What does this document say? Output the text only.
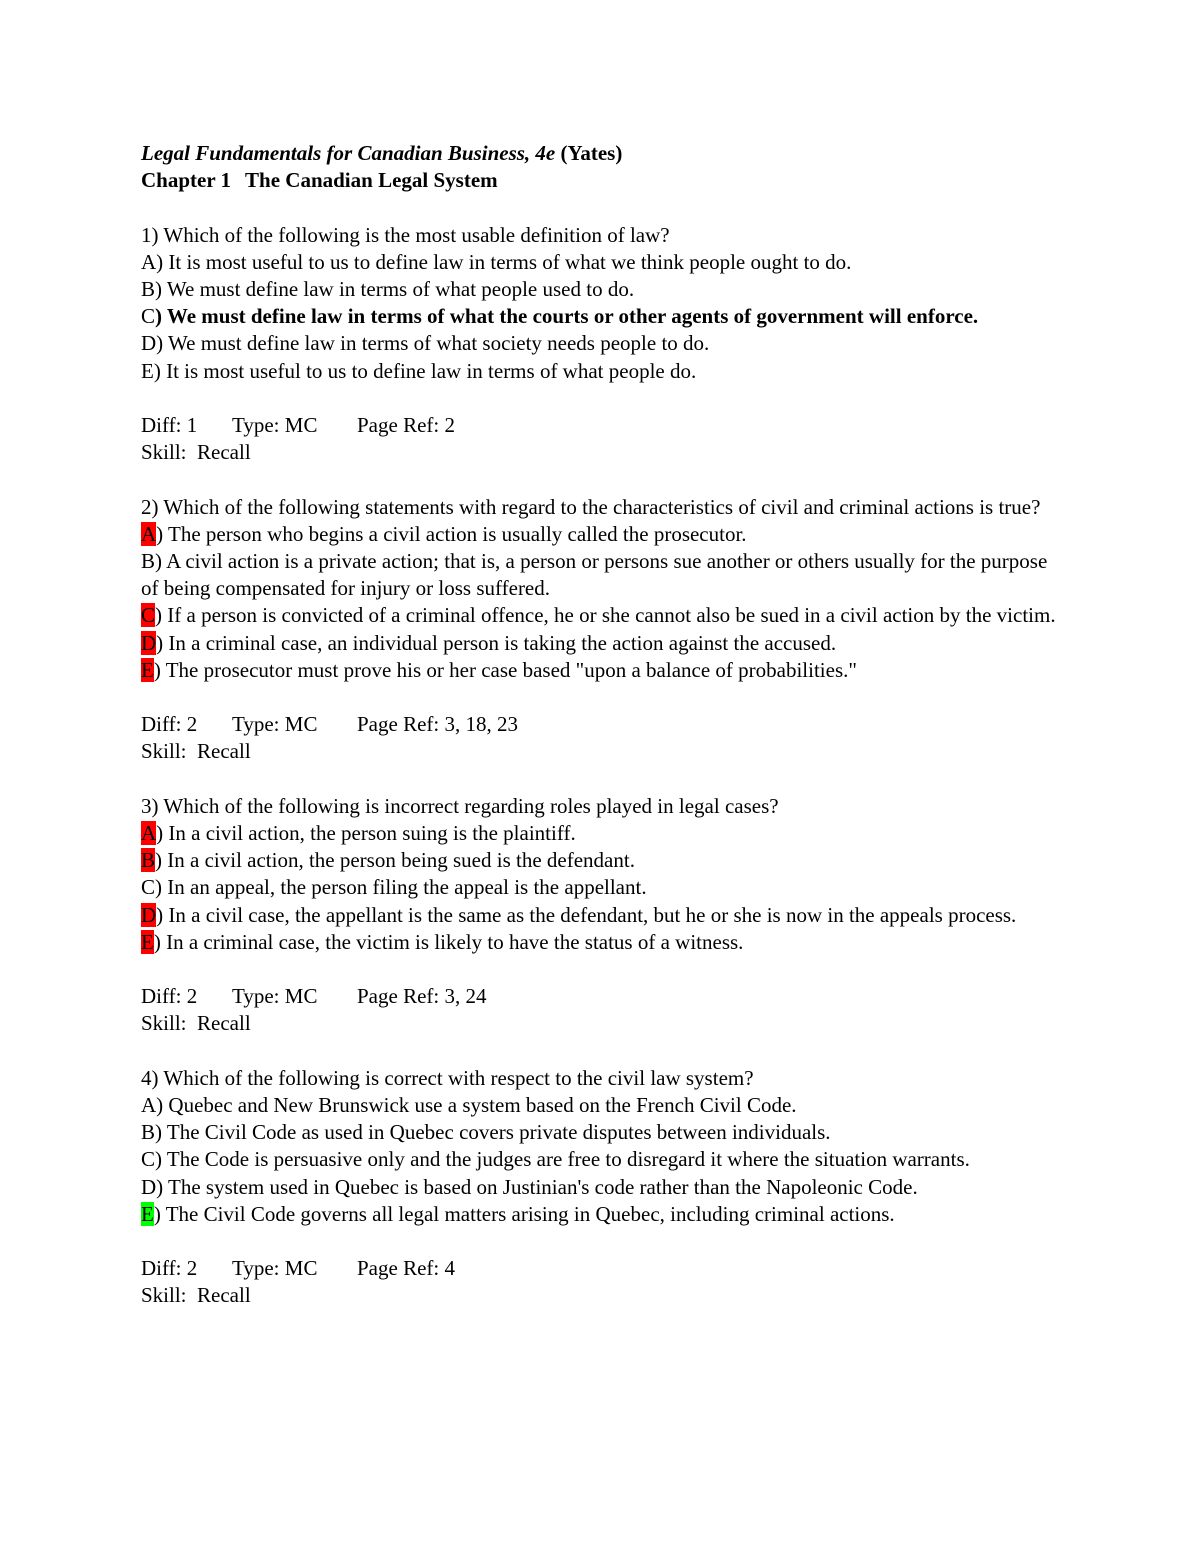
Legal Fundamentals for Canadian Business, 4e (Yates)
Chapter 1 The Canadian Legal System
1) Which of the following is the most usable definition of law?
A) It is most useful to us to define law in terms of what we think people ought to do.
B) We must define law in terms of what people used to do.
C) We must define law in terms of what the courts or other agents of government will enforce.
D) We must define law in terms of what society needs people to do.
E) It is most useful to us to define law in terms of what people do.
Diff: 1 Type: MC Page Ref: 2
Skill:  Recall
2) Which of the following statements with regard to the characteristics of civil and criminal actions is true?
A) The person who begins a civil action is usually called the prosecutor.
B) A civil action is a private action; that is, a person or persons sue another or others usually for the purpose of being compensated for injury or loss suffered.
C) If a person is convicted of a criminal offence, he or she cannot also be sued in a civil action by the victim.
D) In a criminal case, an individual person is taking the action against the accused.
E) The prosecutor must prove his or her case based "upon a balance of probabilities."
Diff: 2 Type: MC Page Ref: 3, 18, 23
Skill:  Recall
3) Which of the following is incorrect regarding roles played in legal cases?
A) In a civil action, the person suing is the plaintiff.
B) In a civil action, the person being sued is the defendant.
C) In an appeal, the person filing the appeal is the appellant.
D) In a civil case, the appellant is the same as the defendant, but he or she is now in the appeals process.
E) In a criminal case, the victim is likely to have the status of a witness.
Diff: 2 Type: MC Page Ref: 3, 24
Skill:  Recall
4) Which of the following is correct with respect to the civil law system?
A) Quebec and New Brunswick use a system based on the French Civil Code.
B) The Civil Code as used in Quebec covers private disputes between individuals.
C) The Code is persuasive only and the judges are free to disregard it where the situation warrants.
D) The system used in Quebec is based on Justinian's code rather than the Napoleonic Code.
E) The Civil Code governs all legal matters arising in Quebec, including criminal actions.
Diff: 2 Type: MC Page Ref: 4
Skill:  Recall
